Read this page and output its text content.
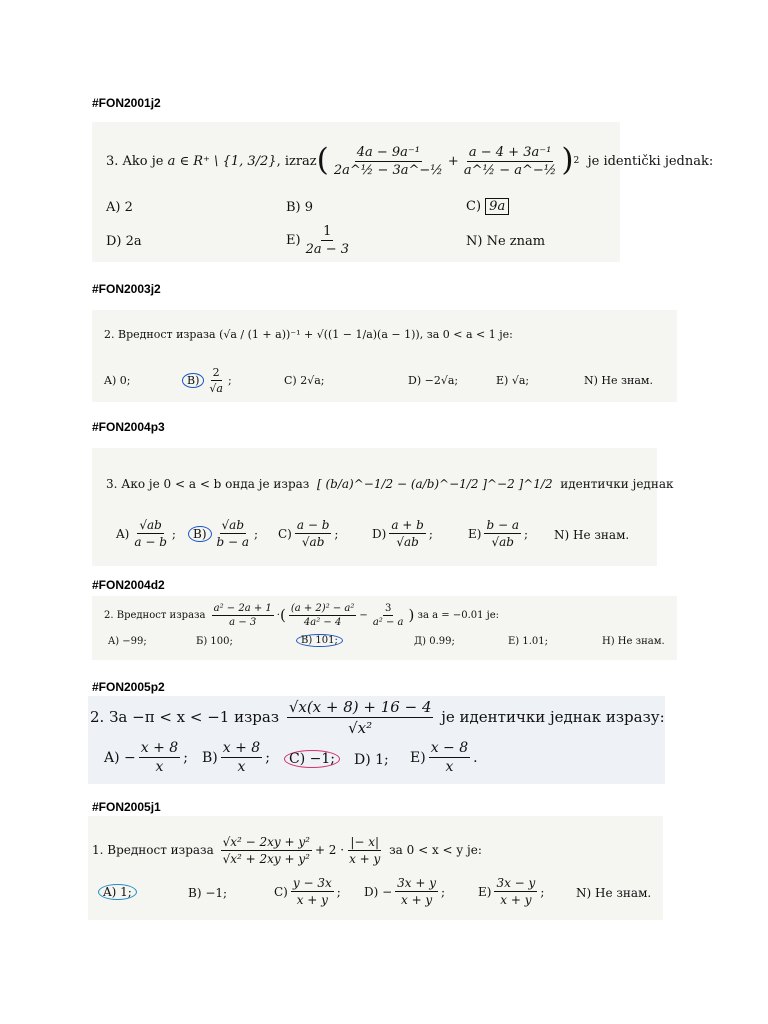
#FON2001j2
3. Ako je
a ∈ R⁺ \ {1, 3/2} , izraz ( 4a − 9a⁻¹
2a^½ − 3a^−½
+ $\frac{\text{a − 4 + 3a⁻¹}}{\text{a\textasciicircum{}½ − a\textasciicircum{}−½}}$ ) 2
je identički jednak:
A) 2	B) 9	C)
9a
D) 2a	E)
1
2a − 3
N) Ne znam
#FON2003j2
2. Вредност израза (√a / (1 + a))⁻¹ + √((1 − 1/a)(a − 1)), за 0 < a < 1 је:
A) 0;	B)
2
√a
;	C) 2√a;	D) −2√a;	E) √a;	N) Не знам.
#FON2004p3
3. Ако је 0 < a < b онда је израз
[ (b/a)^−1/2 − (a/b)^−1/2 ]^−2 ]^1/2
идентички једнак
A)
√ab
a − b
;	B)
√ab
b − a
; C)
a − b
√ab
;	D)
a + b
√ab
;	E)
b − a
√ab
; N) Не знам.
#FON2004d2
2. Вредност израза

a² − 2a + 1
a − 3
· ( (a + 2)² − a²
4a² − 4
− $\frac{3}{\text{a² − a}}$ )
за a = −0.01 је:
A) −99;	Б) 100;	B) 101;	Д) 0.99;	E) 1.01;	Н) Не знам.
#FON2005p2
2. За −π < x < −1 израз

√x(x + 8) + 16 − 4
√x²

је идентички једнак изразу:
$A) - \frac{x + 8}{x}$ ; B)
x + 8
x
;	C) −1;	D) 1; E)
x − 8
x
.
#FON2005j1
1. Вредност израза

√x² − 2xy + y²
√x² + 2xy + y²
+ 2 ·
|− x|
x + y

за 0 < x < y је:
A) 1;	B) −1;	C)
y − 3x
x + y
; $D) - \frac{3x + y}{x + y}$ ;	E)
3x − y
x + y
;	N) Не знам.
